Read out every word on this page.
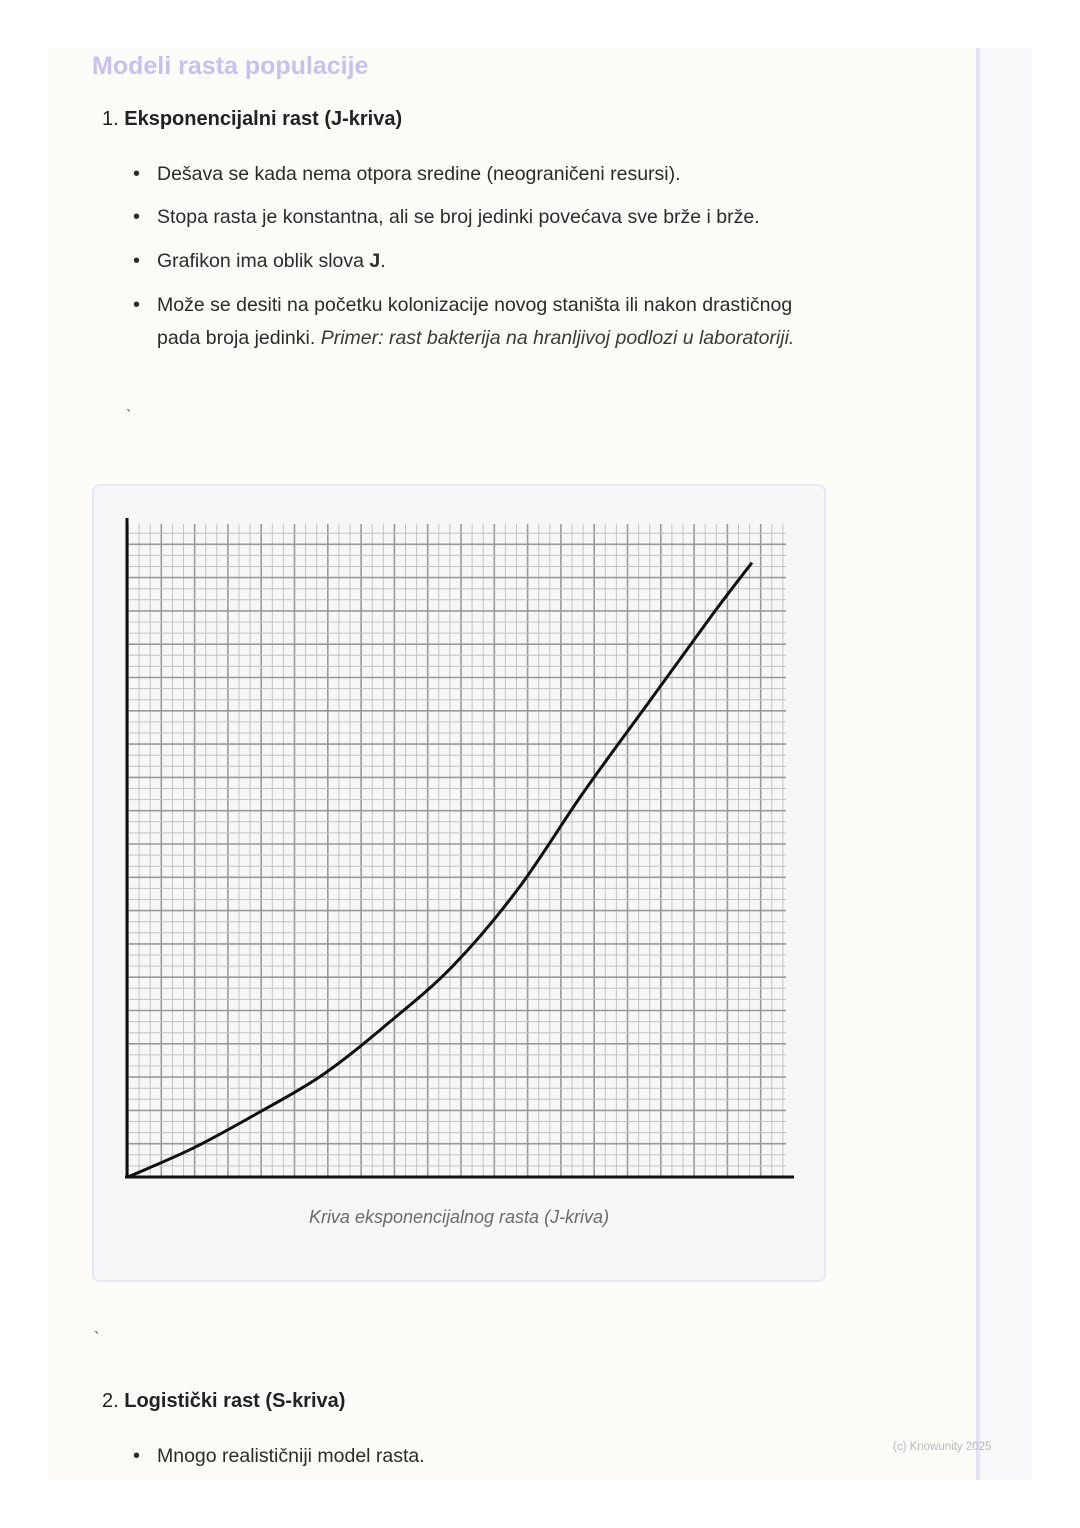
Modeli rasta populacije
1. Eksponencijalni rast (J-kriva)
• Dešava se kada nema otpora sredine (neograničeni resursi).
• Stopa rasta je konstantna, ali se broj jedinki povećava sve brže i brže.
• Grafikon ima oblik slova J.
• Može se desiti na početku kolonizacije novog staništa ili nakon drastičnog pada broja jedinki. Primer: rast bakterija na hranljivoj podlozi u laboratoriji.
`
Kriva eksponencijalnog rasta (J-kriva)
`
2. Logistički rast (S-kriva)
• Mnogo realističniji model rasta.	(c) Knowunity 2025
